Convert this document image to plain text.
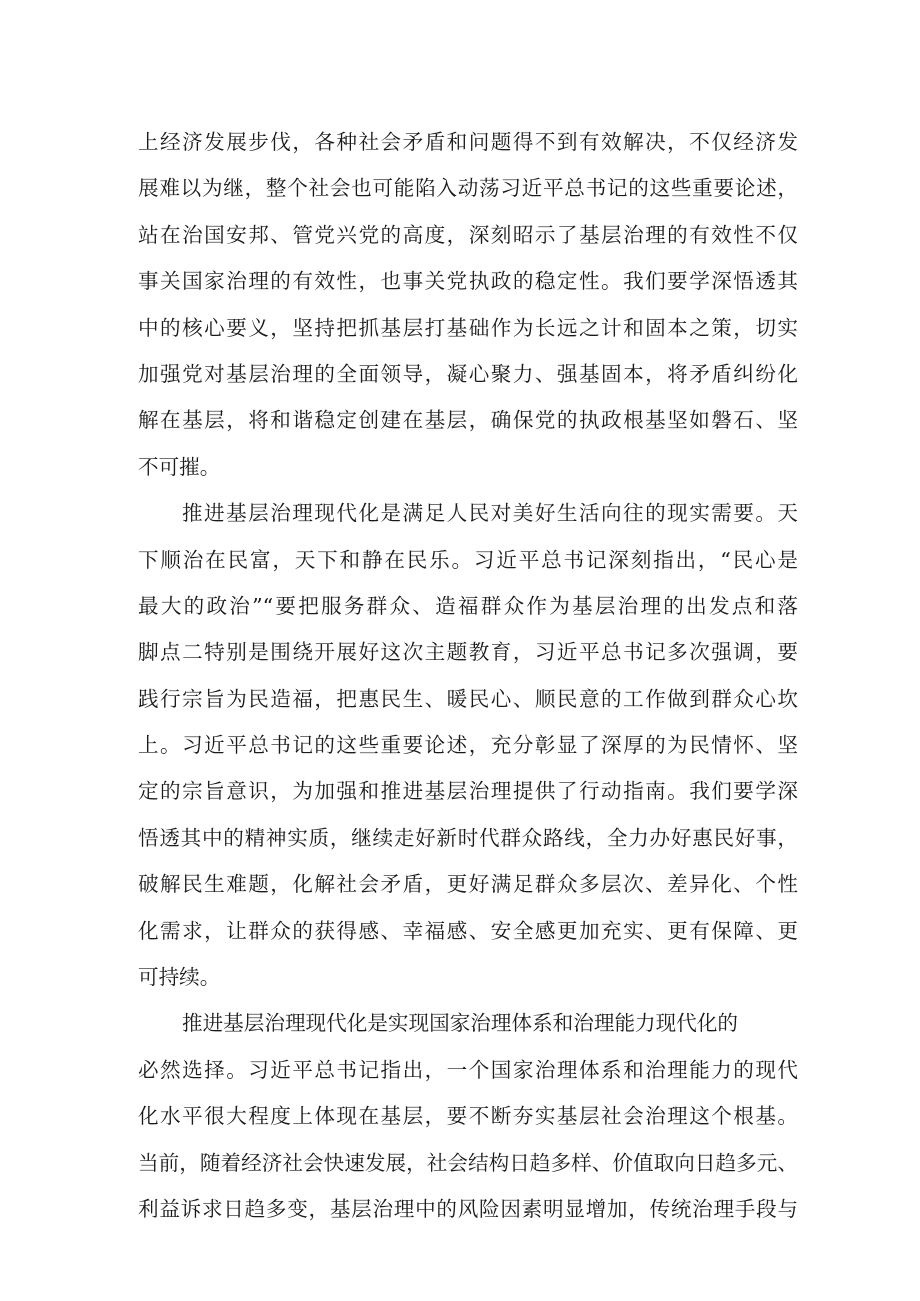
上经济发展步伐，各种社会矛盾和问题得不到有效解决，不仅经济发
展难以为继，整个社会也可能陷入动荡习近平总书记的这些重要论述，
站在治国安邦、管党兴党的高度，深刻昭示了基层治理的有效性不仅
事关国家治理的有效性，也事关党执政的稳定性。我们要学深悟透其
中的核心要义，坚持把抓基层打基础作为长远之计和固本之策，切实
加强党对基层治理的全面领导，凝心聚力、强基固本，将矛盾纠纷化
解在基层，将和谐稳定创建在基层，确保党的执政根基坚如磐石、坚
不可摧。
推进基层治理现代化是满足人民对美好生活向往的现实需要。天
下顺治在民富，天下和静在民乐。习近平总书记深刻指出，“民心是
最大的政治”“要把服务群众、造福群众作为基层治理的出发点和落
脚点二特别是围绕开展好这次主题教育，习近平总书记多次强调，要
践行宗旨为民造福，把惠民生、暖民心、顺民意的工作做到群众心坎
上。习近平总书记的这些重要论述，充分彰显了深厚的为民情怀、坚
定的宗旨意识，为加强和推进基层治理提供了行动指南。我们要学深
悟透其中的精神实质，继续走好新时代群众路线，全力办好惠民好事，
破解民生难题，化解社会矛盾，更好满足群众多层次、差异化、个性
化需求，让群众的获得感、幸福感、安全感更加充实、更有保障、更
可持续。
推进基层治理现代化是实现国家治理体系和治理能力现代化的
必然选择。习近平总书记指出，一个国家治理体系和治理能力的现代
化水平很大程度上体现在基层，要不断夯实基层社会治理这个根基。
当前，随着经济社会快速发展，社会结构日趋多样、价值取向日趋多元、
利益诉求日趋多变，基层治理中的风险因素明显增加，传统治理手段与
